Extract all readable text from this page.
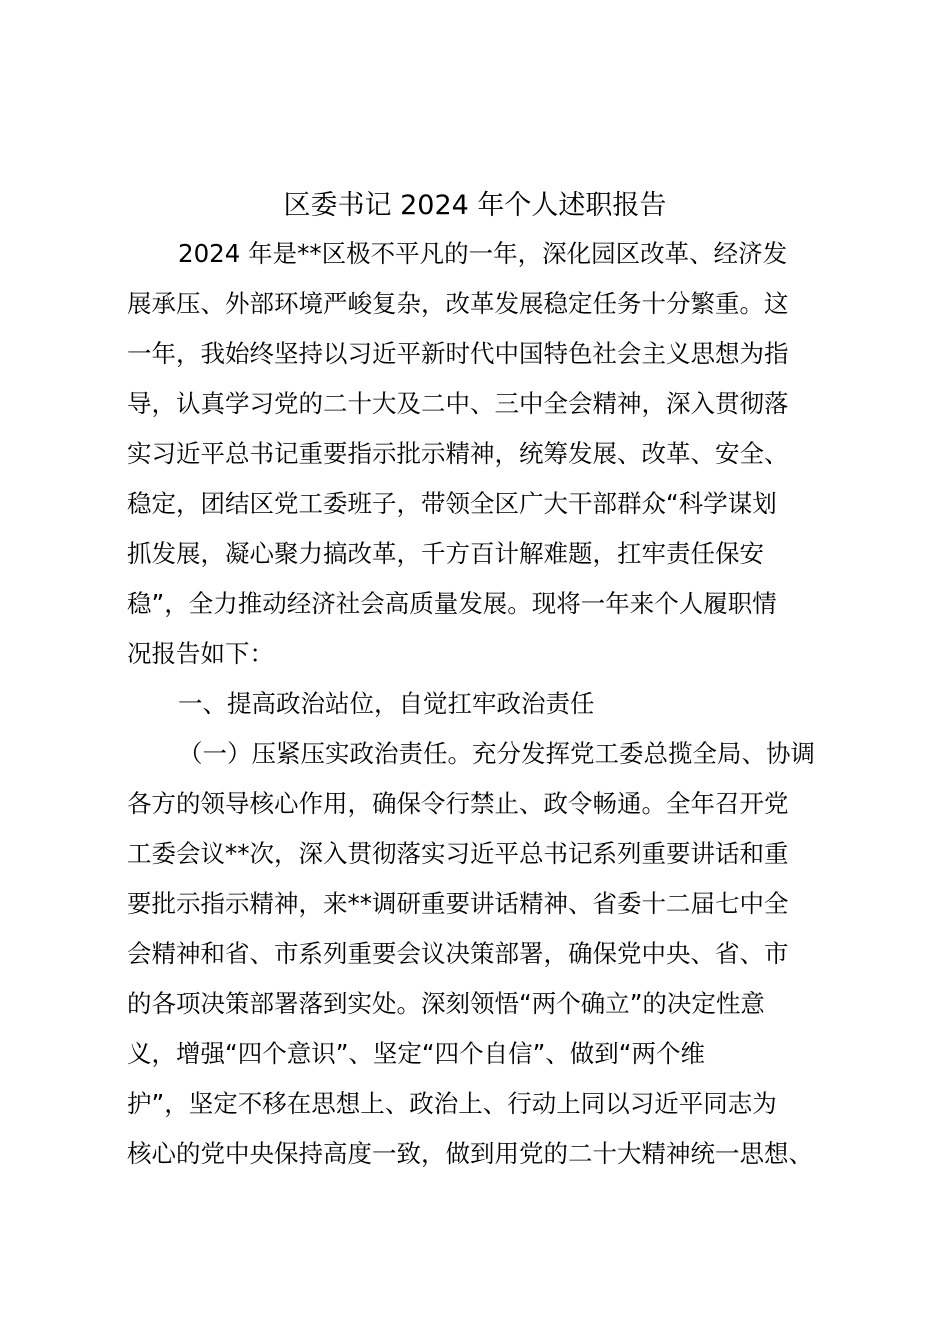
区委书记 2024 年个人述职报告
2024 年是**区极不平凡的一年，深化园区改革、经济发
展承压、外部环境严峻复杂，改革发展稳定任务十分繁重。这
一年，我始终坚持以习近平新时代中国特色社会主义思想为指
导，认真学习党的二十大及二中、三中全会精神，深入贯彻落
实习近平总书记重要指示批示精神，统筹发展、改革、安全、
稳定，团结区党工委班子，带领全区广大干部群众“科学谋划
抓发展，凝心聚力搞改革，千方百计解难题，扛牢责任保安
稳”，全力推动经济社会高质量发展。现将一年来个人履职情
况报告如下：
一、提高政治站位，自觉扛牢政治责任
（一）压紧压实政治责任。充分发挥党工委总揽全局、协调
各方的领导核心作用，确保令行禁止、政令畅通。全年召开党
工委会议**次，深入贯彻落实习近平总书记系列重要讲话和重
要批示指示精神，来**调研重要讲话精神、省委十二届七中全
会精神和省、市系列重要会议决策部署，确保党中央、省、市
的各项决策部署落到实处。深刻领悟“两个确立”的决定性意
义，增强“四个意识”、坚定“四个自信”、做到“两个维
护”，坚定不移在思想上、政治上、行动上同以习近平同志为
核心的党中央保持高度一致，做到用党的二十大精神统一思想、
